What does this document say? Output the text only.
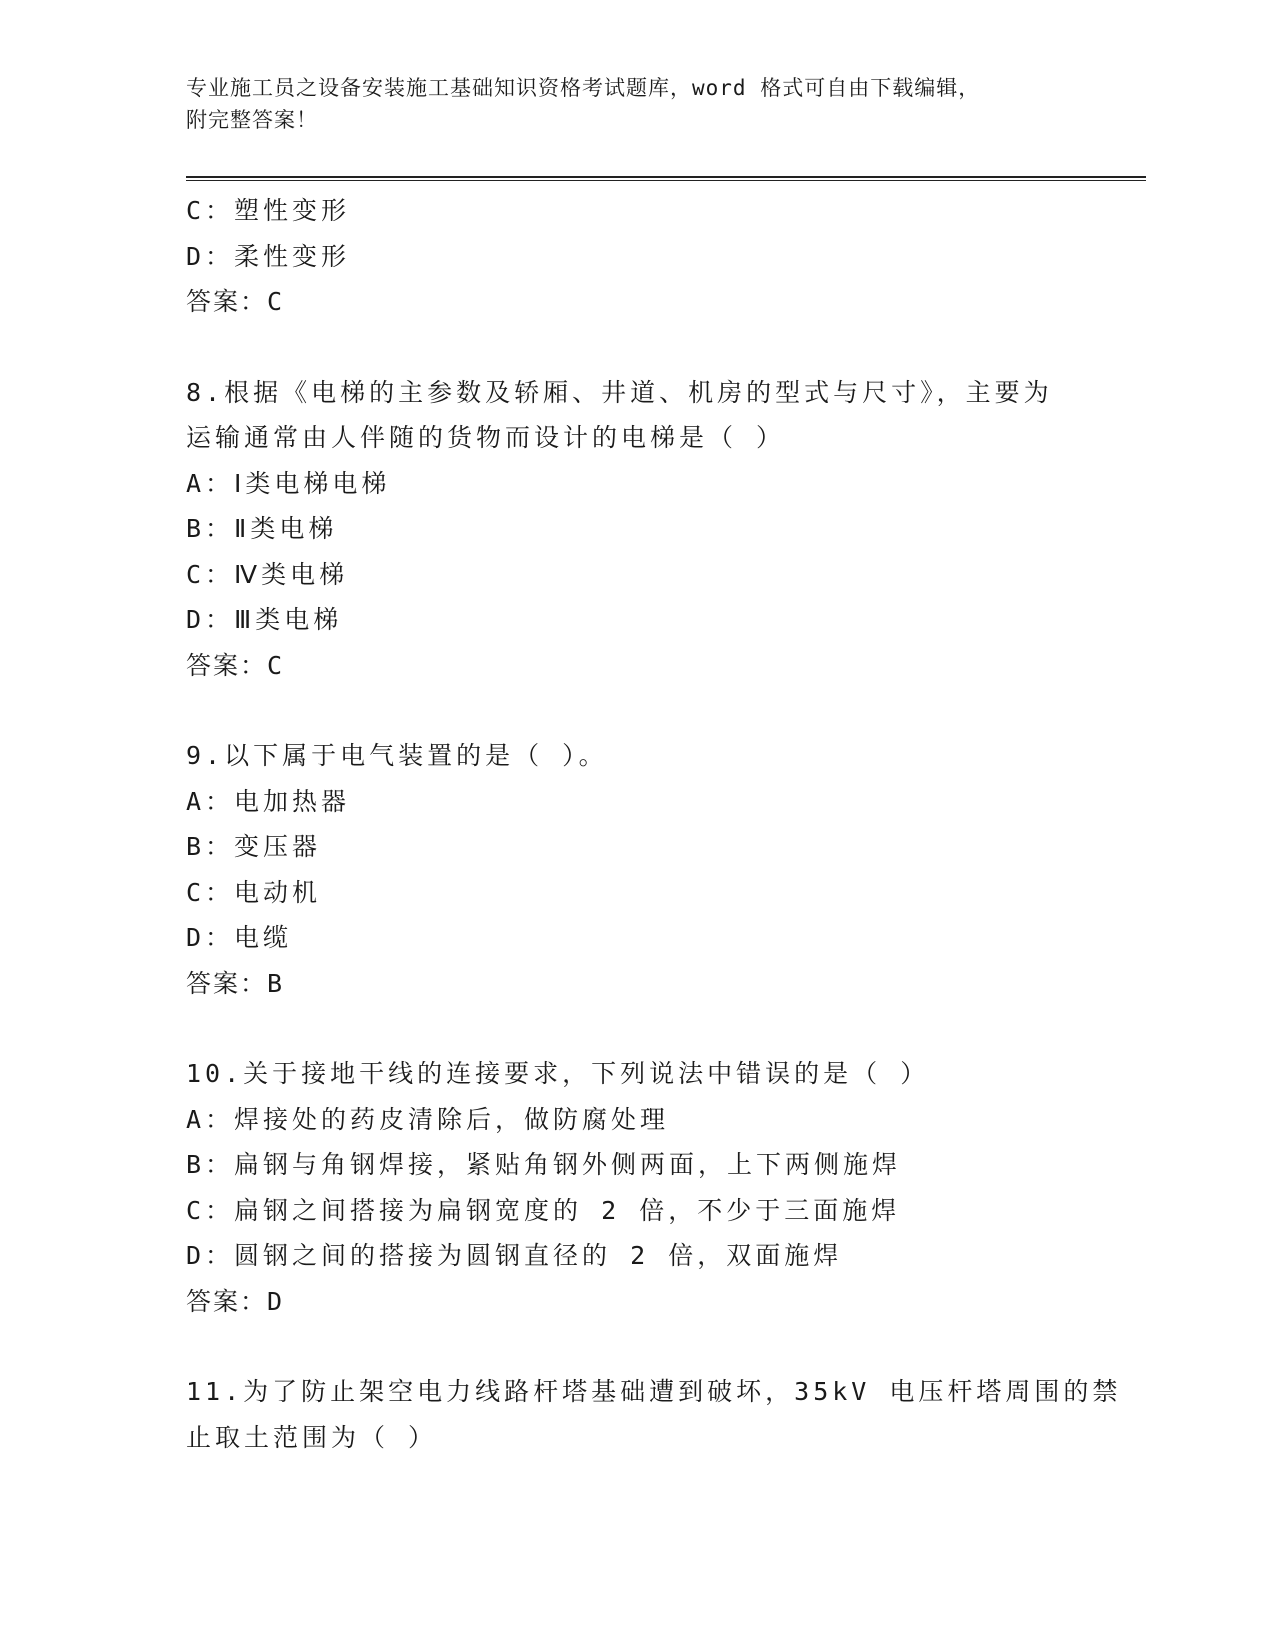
专业施工员之设备安装施工基础知识资格考试题库，word 格式可自由下载编辑，
附完整答案！
C：塑性变形
D：柔性变形
答案：C
8.根据《电梯的主参数及轿厢、井道、机房的型式与尺寸》，主要为
运输通常由人伴随的货物而设计的电梯是（ ）
A：Ⅰ类电梯电梯
B：Ⅱ类电梯
C：Ⅳ类电梯
D：Ⅲ类电梯
答案：C
9.以下属于电气装置的是（ ）。
A：电加热器
B：变压器
C：电动机
D：电缆
答案：B
10.关于接地干线的连接要求，下列说法中错误的是（ ）
A：焊接处的药皮清除后，做防腐处理
B：扁钢与角钢焊接，紧贴角钢外侧两面，上下两侧施焊
C：扁钢之间搭接为扁钢宽度的 2 倍，不少于三面施焊
D：圆钢之间的搭接为圆钢直径的 2 倍，双面施焊
答案：D
11.为了防止架空电力线路杆塔基础遭到破坏，35kV 电压杆塔周围的禁
止取土范围为（ ）
